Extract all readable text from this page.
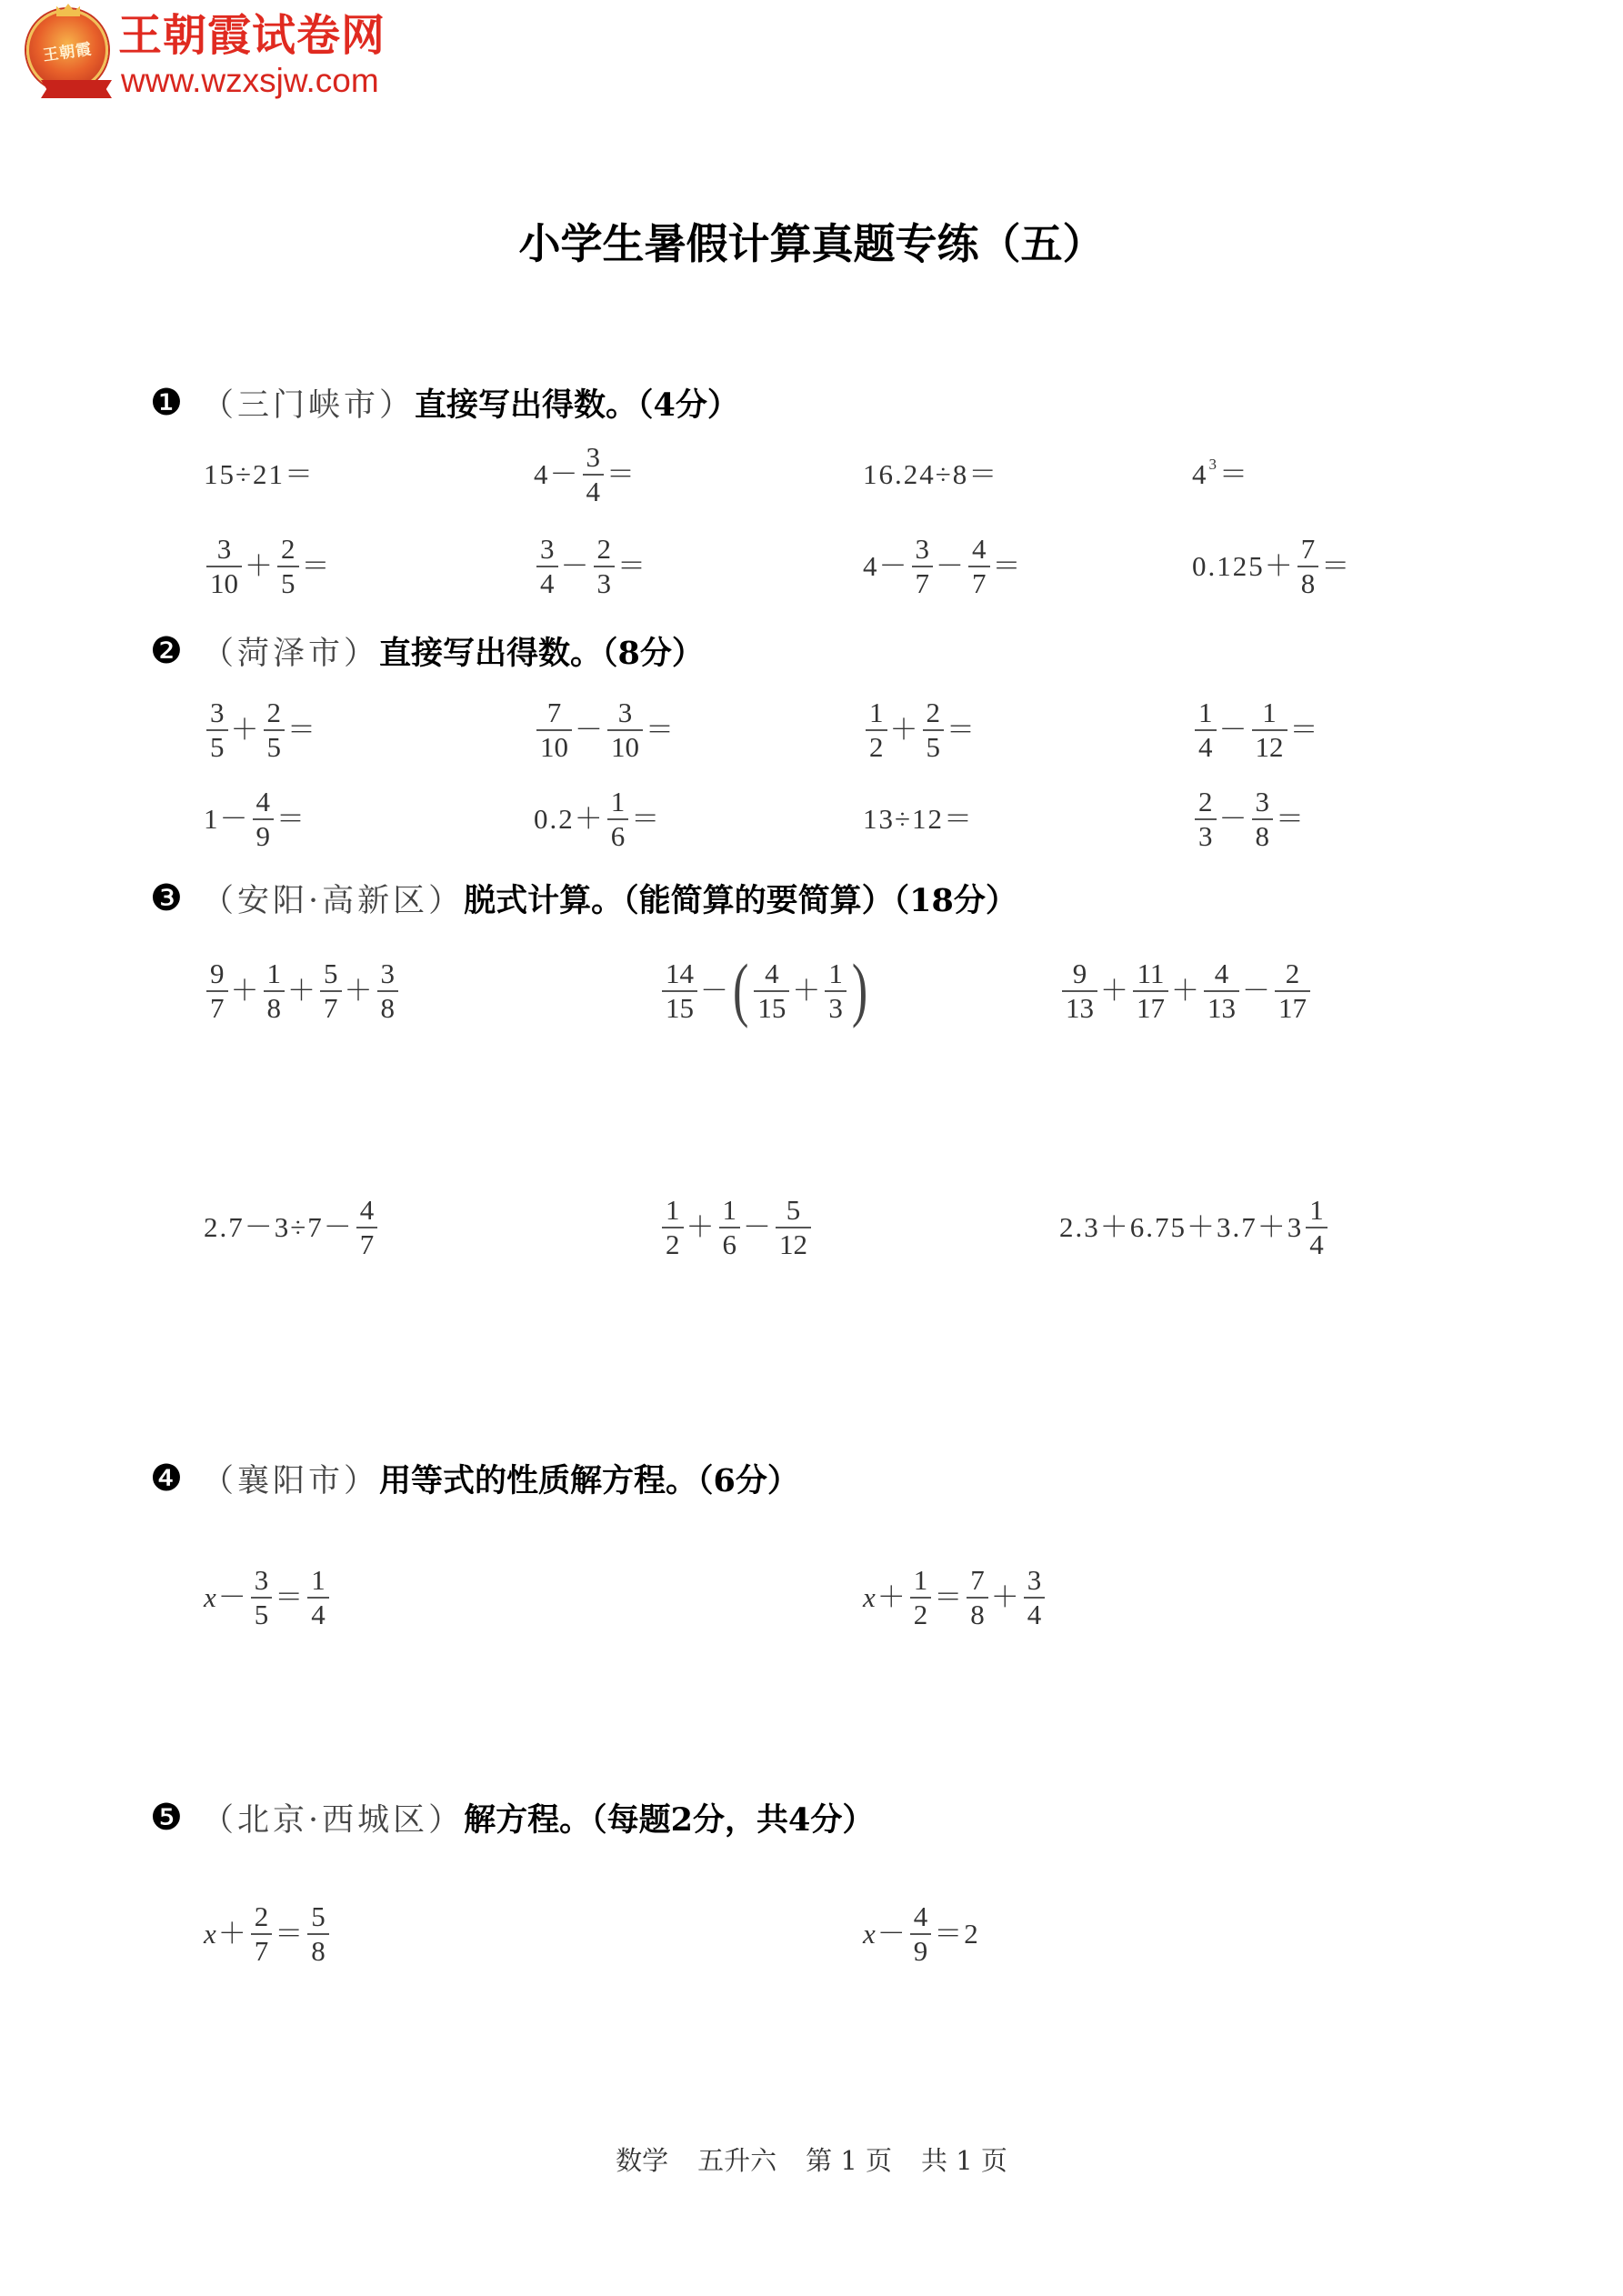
王朝霞 王朝霞试卷网
www.wzxsjw.com
小学生暑假计算真题专练（五）
❶ （三门峡市） 直接写出得数。（4分）
15÷21＝	$4- \frac{3}{4}$ ＝	16.24÷8＝	4 3 ＝
$\frac{3}{10} + \frac{2}{5}$ ＝	$\frac{3}{4} - \frac{2}{3}$ ＝	$4- \frac{3}{7} - \frac{4}{7}$ ＝	$0.125+ \frac{7}{8}$ ＝
❷ （菏泽市） 直接写出得数。（8分）
$\frac{3}{5} + \frac{2}{5}$ ＝	$\frac{7}{10} - \frac{3}{10}$ ＝	$\frac{1}{2} + \frac{2}{5}$ ＝	$\frac{1}{4} - \frac{1}{12}$ ＝
$1- \frac{4}{9}$ ＝	$0.2+ \frac{1}{6}$ ＝	13÷12＝	$\frac{2}{3} - \frac{3}{8}$ ＝
❸ （安阳·高新区） 脱式计算。（能简算的要简算）（18分）
$\frac{9}{7} + \frac{1}{8} + \frac{5}{7} + \frac{3}{8}$	$\frac{14}{15}$ － ( $\frac{4}{15} + \frac{1}{3}$ )	$\frac{9}{13} + \frac{11}{17} + \frac{4}{13} - \frac{2}{17}$
$2.7-3\div 7- \frac{4}{7}$	$\frac{1}{2} + \frac{1}{6} - \frac{5}{12}$	$2.3+6.75+3.7+3 \frac{1}{4}$
❹ （襄阳市） 用等式的性质解方程。（6分）
$x - \frac{3}{5} = \frac{1}{4}$	$x + \frac{1}{2} = \frac{7}{8} + \frac{3}{4}$
❺ （北京·西城区） 解方程。（每题2分，共4分）
$x + \frac{2}{7} = \frac{5}{8}$	$x - \frac{4}{9} =2$
数学 五升六 第 1 页 共 1 页
